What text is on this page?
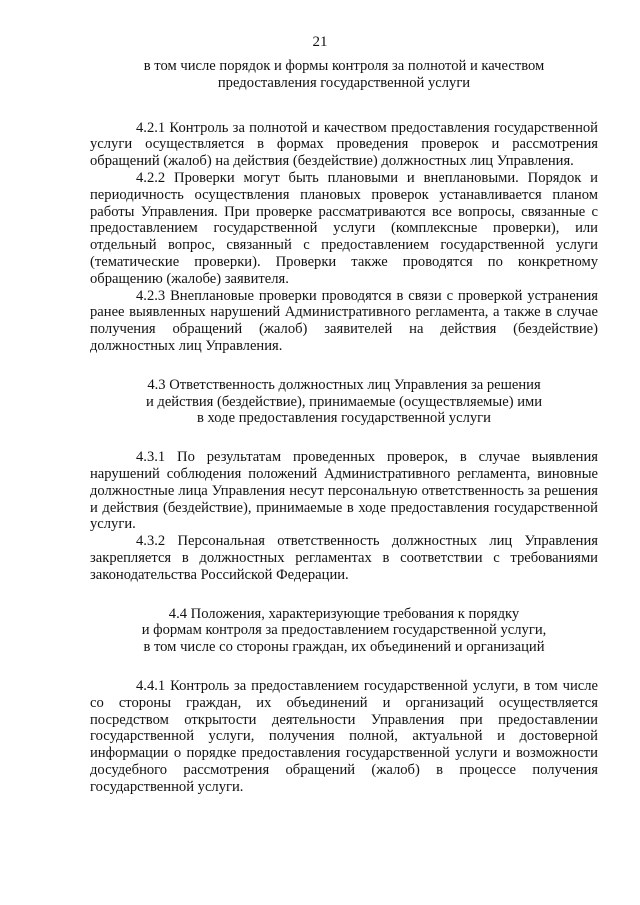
21
в том числе порядок и формы контроля за полнотой и качеством
предоставления государственной услуги

4.2.1 Контроль за полнотой и качеством предоставления государственной услуги осуществляется в формах проведения проверок и рассмотрения обращений (жалоб) на действия (бездействие) должностных лиц Управления.

4.2.2 Проверки могут быть плановыми и внеплановыми. Порядок и периодичность осуществления плановых проверок устанавливается планом работы Управления. При проверке рассматриваются все вопросы, связанные с предоставлением государственной услуги (комплексные проверки), или отдельный вопрос, связанный с предоставлением государственной услуги (тематические проверки). Проверки также проводятся по конкретному обращению (жалобе) заявителя.

4.2.3 Внеплановые проверки проводятся в связи с проверкой устранения ранее выявленных нарушений Административного регламента, а также в случае получения обращений (жалоб) заявителей на действия (бездействие) должностных лиц Управления.

4.3 Ответственность должностных лиц Управления за решения
и действия (бездействие), принимаемые (осуществляемые) ими
в ходе предоставления государственной услуги

4.3.1 По результатам проведенных проверок, в случае выявления нарушений соблюдения положений Административного регламента, виновные должностные лица Управления несут персональную ответственность за решения и действия (бездействие), принимаемые в ходе предоставления государственной услуги.

4.3.2 Персональная ответственность должностных лиц Управления закрепляется в должностных регламентах в соответствии с требованиями законодательства Российской Федерации.

4.4 Положения, характеризующие требования к порядку
и формам контроля за предоставлением государственной услуги,
в том числе со стороны граждан, их объединений и организаций

4.4.1 Контроль за предоставлением государственной услуги, в том числе со стороны граждан, их объединений и организаций осуществляется посредством открытости деятельности Управления при предоставлении государственной услуги, получения полной, актуальной и достоверной информации о порядке предоставления государственной услуги и возможности досудебного рассмотрения обращений (жалоб) в процессе получения государственной услуги.
